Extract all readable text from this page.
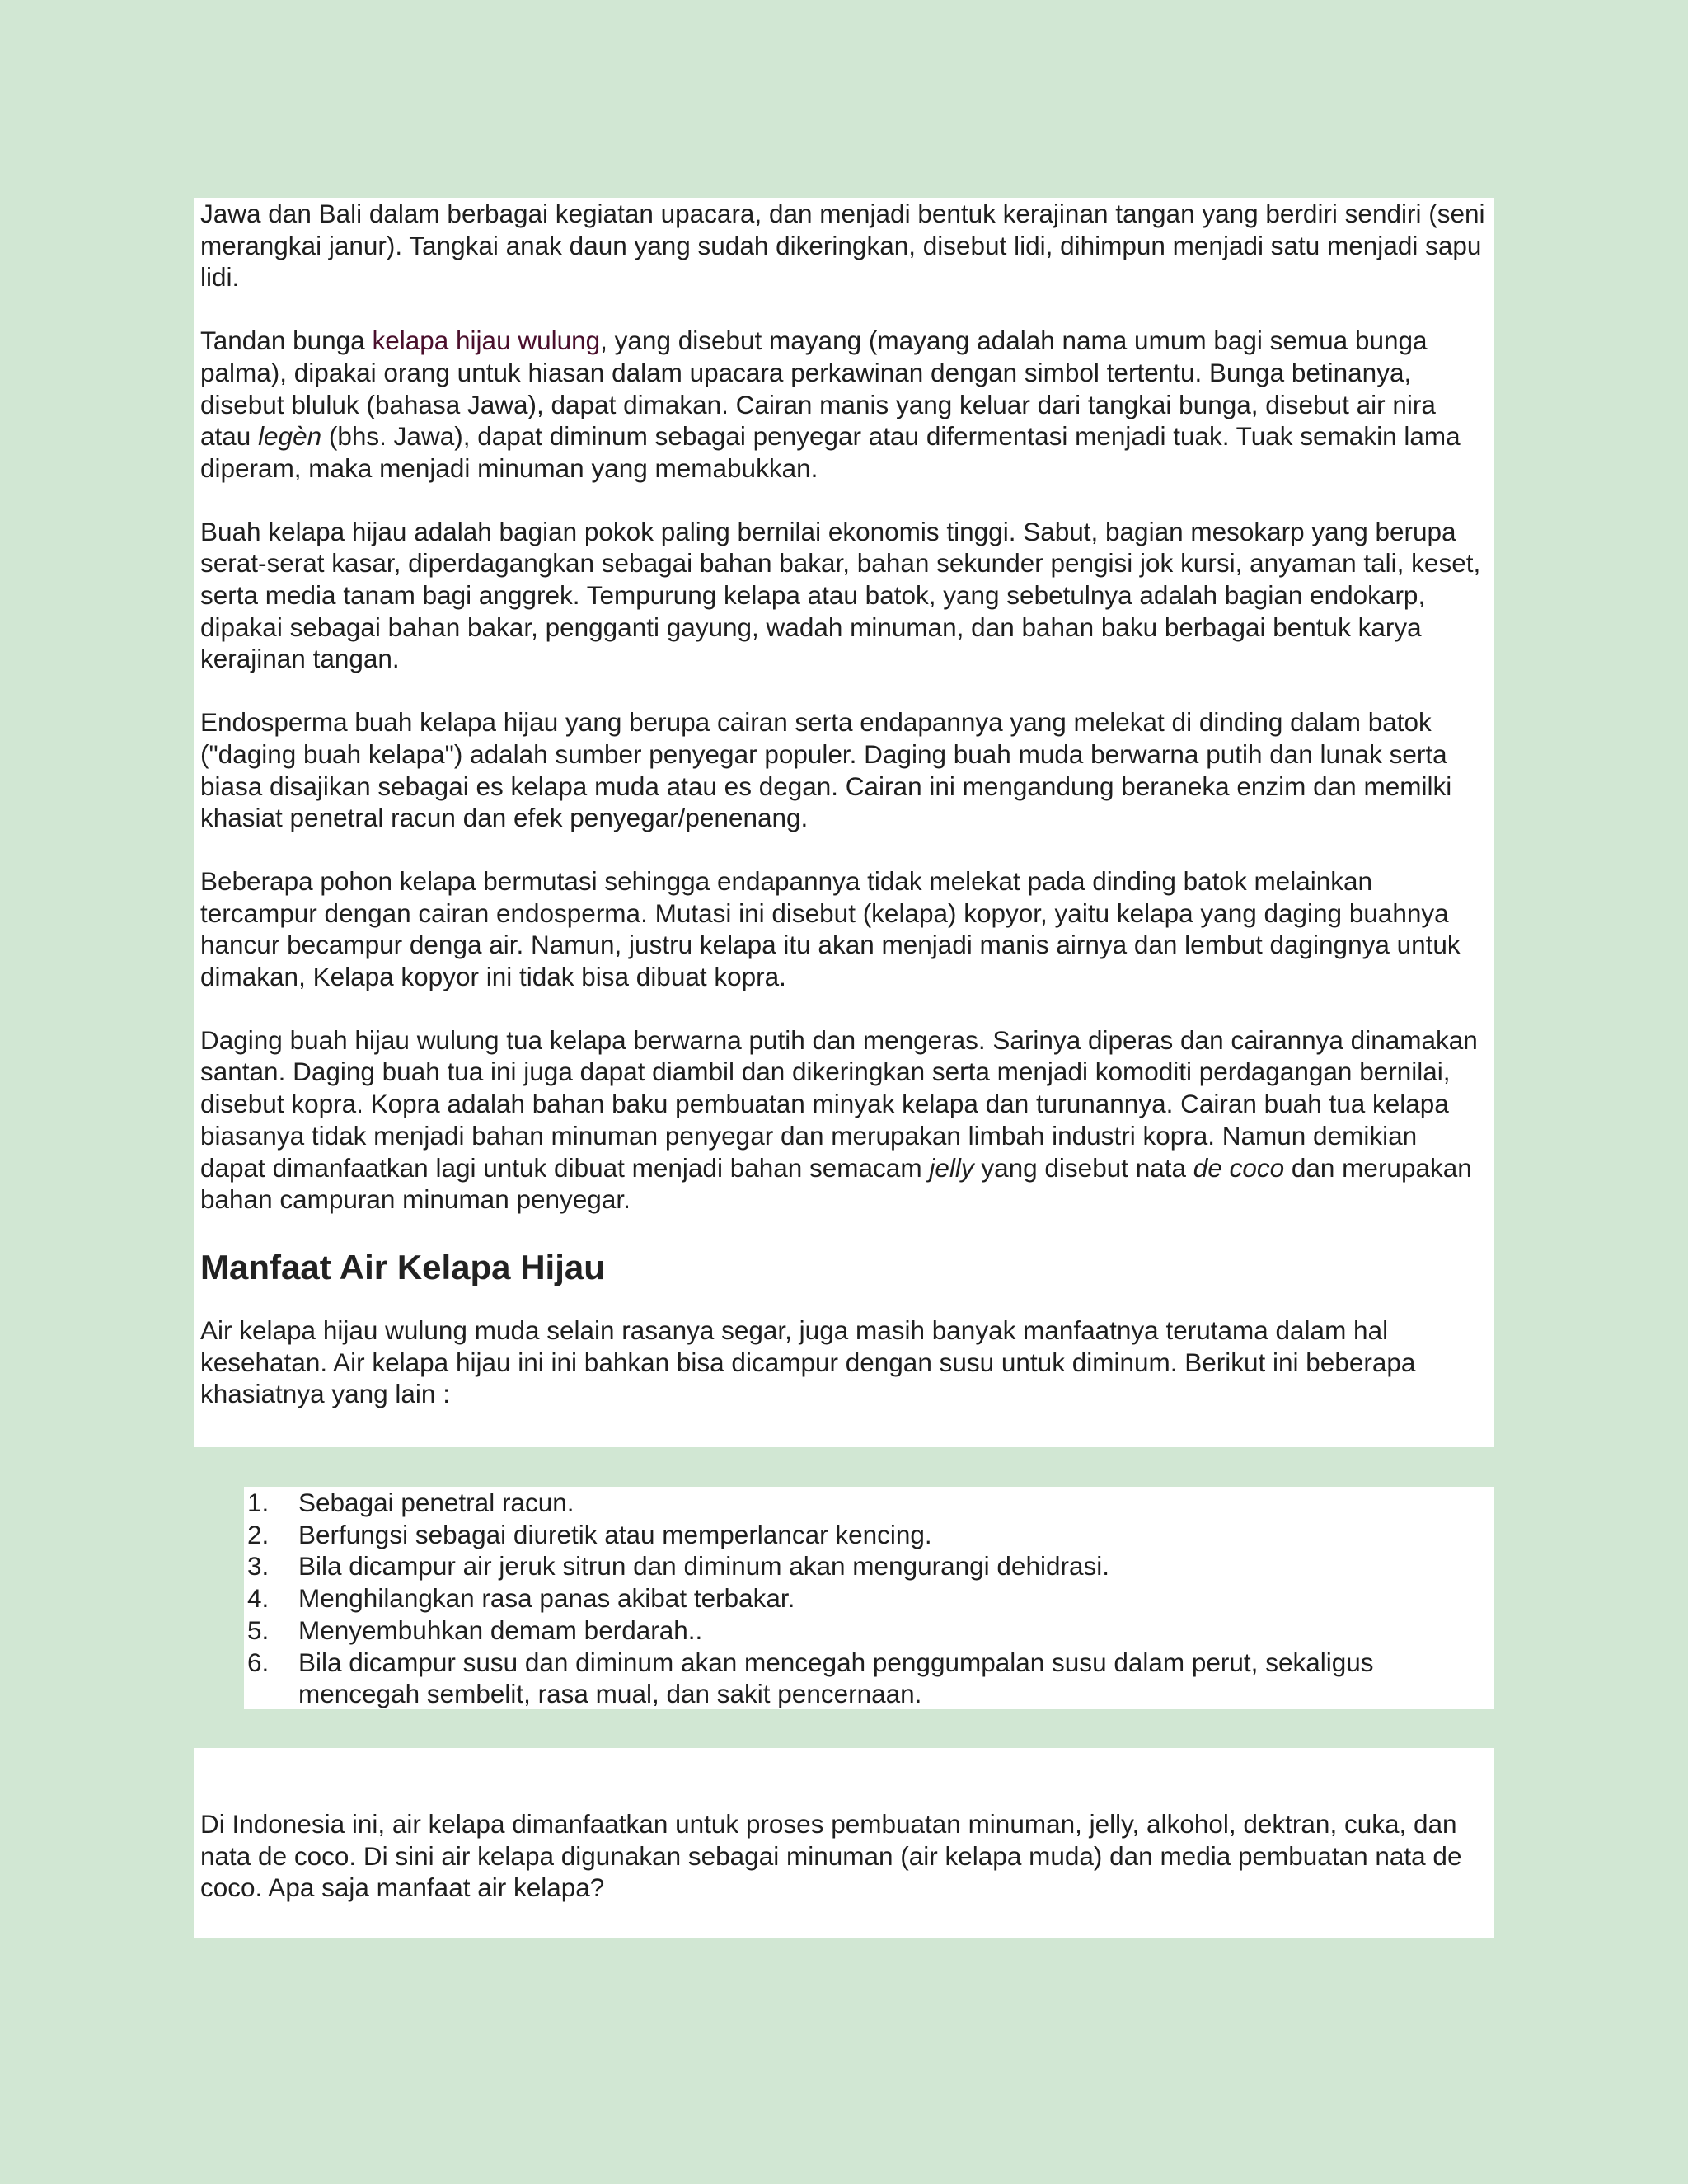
Jawa dan Bali dalam berbagai kegiatan upacara, dan menjadi bentuk kerajinan tangan yang berdiri sendiri (seni merangkai janur). Tangkai anak daun yang sudah dikeringkan, disebut lidi, dihimpun menjadi satu menjadi sapu lidi.

Tandan bunga kelapa hijau wulung, yang disebut mayang (mayang adalah nama umum bagi semua bunga palma), dipakai orang untuk hiasan dalam upacara perkawinan dengan simbol tertentu. Bunga betinanya, disebut bluluk (bahasa Jawa), dapat dimakan. Cairan manis yang keluar dari tangkai bunga, disebut air nira atau legèn (bhs. Jawa), dapat diminum sebagai penyegar atau difermentasi menjadi tuak. Tuak semakin lama diperam, maka menjadi minuman yang memabukkan.

Buah kelapa hijau adalah bagian pokok paling bernilai ekonomis tinggi. Sabut, bagian mesokarp yang berupa serat-serat kasar, diperdagangkan sebagai bahan bakar, bahan sekunder pengisi jok kursi, anyaman tali, keset, serta media tanam bagi anggrek. Tempurung kelapa atau batok, yang sebetulnya adalah bagian endokarp, dipakai sebagai bahan bakar, pengganti gayung, wadah minuman, dan bahan baku berbagai bentuk karya kerajinan tangan.

Endosperma buah kelapa hijau yang berupa cairan serta endapannya yang melekat di dinding dalam batok ("daging buah kelapa") adalah sumber penyegar populer. Daging buah muda berwarna putih dan lunak serta biasa disajikan sebagai es kelapa muda atau es degan. Cairan ini mengandung beraneka enzim dan memilki khasiat penetral racun dan efek penyegar/penenang.

Beberapa pohon kelapa bermutasi sehingga endapannya tidak melekat pada dinding batok melainkan tercampur dengan cairan endosperma. Mutasi ini disebut (kelapa) kopyor, yaitu kelapa yang daging buahnya hancur becampur denga air. Namun, justru kelapa itu akan menjadi manis airnya dan lembut dagingnya untuk dimakan, Kelapa kopyor ini tidak bisa dibuat kopra.

Daging buah hijau wulung tua kelapa berwarna putih dan mengeras. Sarinya diperas dan cairannya dinamakan santan. Daging buah tua ini juga dapat diambil dan dikeringkan serta menjadi komoditi perdagangan bernilai, disebut kopra. Kopra adalah bahan baku pembuatan minyak kelapa dan turunannya. Cairan buah tua kelapa biasanya tidak menjadi bahan minuman penyegar dan merupakan limbah industri kopra. Namun demikian dapat dimanfaatkan lagi untuk dibuat menjadi bahan semacam jelly yang disebut nata de coco dan merupakan bahan campuran minuman penyegar.

Manfaat Air Kelapa Hijau

Air kelapa hijau wulung muda selain rasanya segar, juga masih banyak manfaatnya terutama dalam hal kesehatan. Air kelapa hijau ini ini bahkan bisa dicampur dengan susu untuk diminum. Berikut ini beberapa khasiatnya yang lain :

1. Sebagai penetral racun.
2. Berfungsi sebagai diuretik atau memperlancar kencing.
3. Bila dicampur air jeruk sitrun dan diminum akan mengurangi dehidrasi.
4. Menghilangkan rasa panas akibat terbakar.
5. Menyembuhkan demam berdarah..
6. Bila dicampur susu dan diminum akan mencegah penggumpalan susu dalam perut, sekaligus mencegah sembelit, rasa mual, dan sakit pencernaan.

Di Indonesia ini, air kelapa dimanfaatkan untuk proses pembuatan minuman, jelly, alkohol, dektran, cuka, dan nata de coco. Di sini air kelapa digunakan sebagai minuman (air kelapa muda) dan media pembuatan nata de coco. Apa saja manfaat air kelapa?
